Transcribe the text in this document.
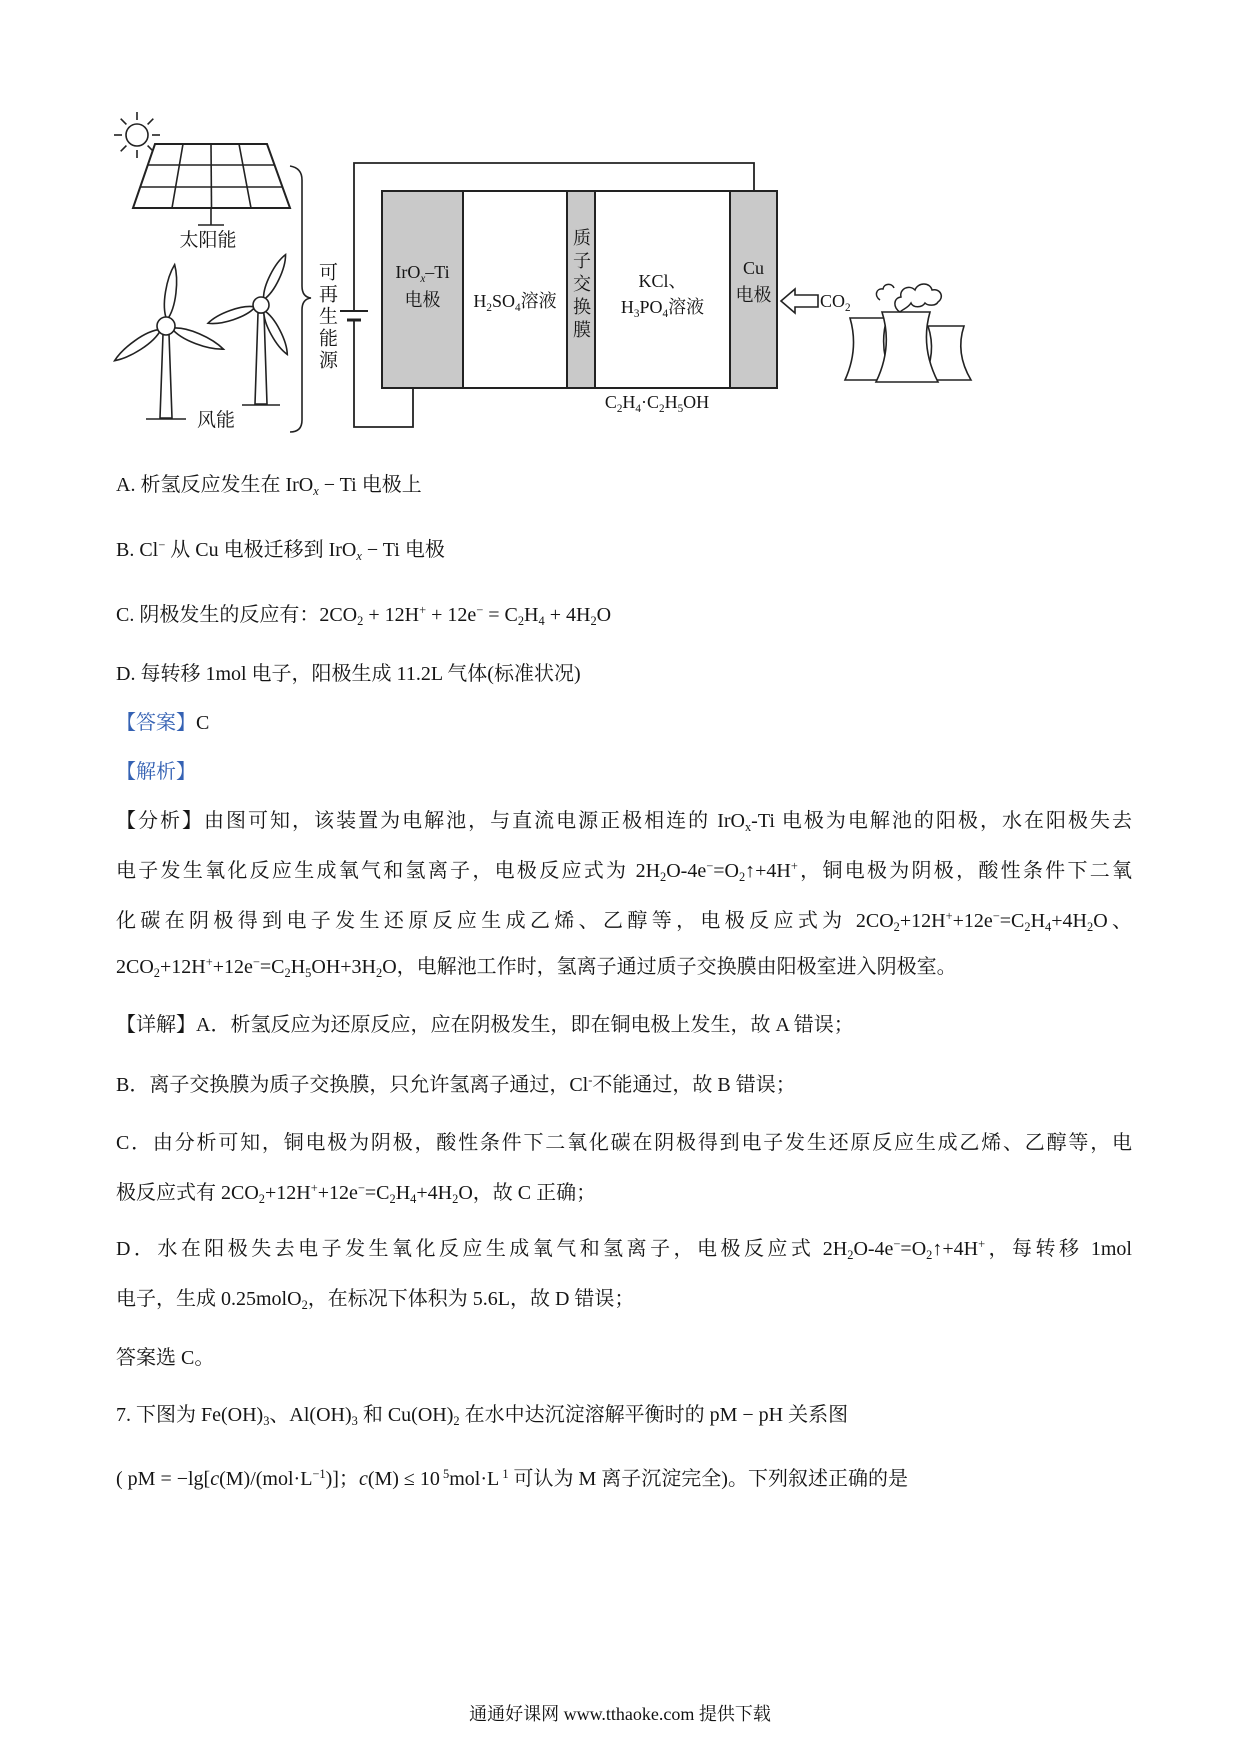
太阳能
风能
可再生能源	IrO$_x$–Ti
电极	$H_2SO_4$溶液 质子交换膜	KCl、
$H_3PO_4$溶液
Cu
电极	$CO_2$
$C_2H_4\cdot C_2H_5OH$
A. 析氢反应发生在 IrO$_x$ − Ti 电极上
B. Cl− 从 Cu 电极迁移到 IrO$_x$ − Ti 电极
C. 阴极发生的反应有：$2CO_2 + 12H^+ + 12e^- = C_2H_4 + 4H_2O$
D. 每转移 1mol 电子，阳极生成 11.2L 气体(标准状况)
【答案】C
【解析】
【分析】由图可知，该装置为电解池，与直流电源正极相连的 IrO$_x$-Ti 电极为电解池的阳极，水在阳极失去
电子发生氧化反应生成氧气和氢离子，电极反应式为 $2H_2O-4e^-=O_2↑+4H^+$，铜电极为阴极，酸性条件下二氧
化碳在阴极得到电子发生还原反应生成乙烯、乙醇等，电极反应式为 $2CO_2+12H^++12e^-=C_2H_4+4H_2O$、
$2CO_2+12H^++12e^-=C_2H_5OH+3H_2O$，电解池工作时，氢离子通过质子交换膜由阳极室进入阴极室。
【详解】A．析氢反应为还原反应，应在阴极发生，即在铜电极上发生，故 A 错误；
B．离子交换膜为质子交换膜，只允许氢离子通过，Cl-不能通过，故 B 错误；
C．由分析可知，铜电极为阴极，酸性条件下二氧化碳在阴极得到电子发生还原反应生成乙烯、乙醇等，电
极反应式有 $2CO_2+12H^++12e^-=C_2H_4+4H_2O$，故 C 正确；
D．水在阳极失去电子发生氧化反应生成氧气和氢离子，电极反应式 $2H_2O-4e^-=O_2↑+4H^+$，每转移 1mol
电子，生成 0.25molO$_2$，在标况下体积为 5.6L，故 D 错误；
答案选 C。
7. 下图为 $Fe(OH)_3$、$Al(OH)_3$ 和 $Cu(OH)_2$ 在水中达沉淀溶解平衡时的 pM − pH 关系图
( pM = $-\lg[c(M)/(mol\cdot L^{-1})]$；c(M) ≤ 10 $^5$mol·L $^1$ 可认为 M 离子沉淀完全)。下列叙述正确的是
通通好课网 www.tthaoke.com 提供下载
